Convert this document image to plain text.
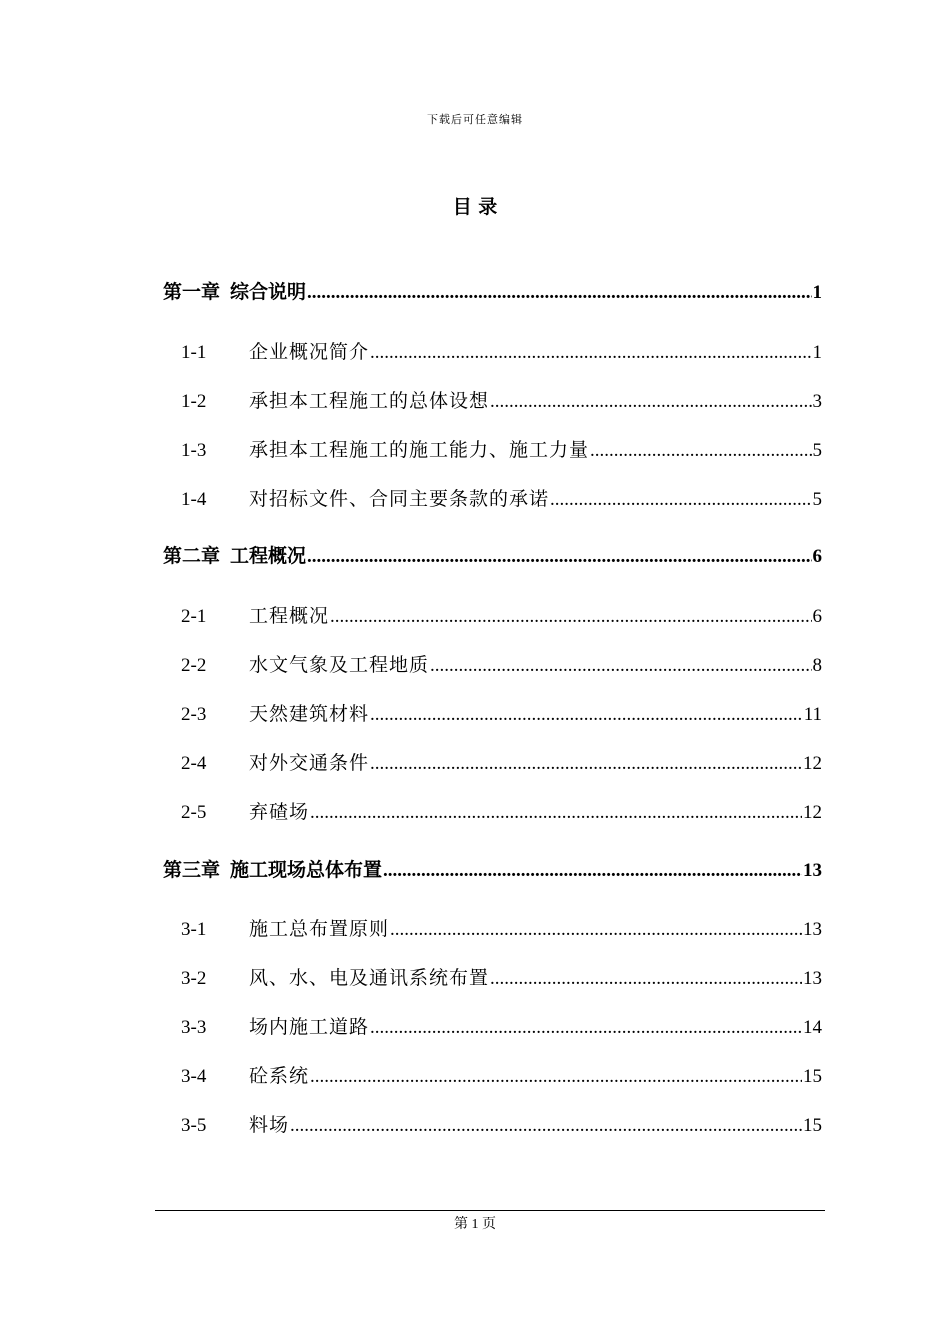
下载后可任意编辑
目 录
第一章 综合说明 .....	1
1-1	企业概况简介 .....	1
1-2	承担本工程施工的总体设想 .....	3
1-3	承担本工程施工的施工能力、施工力量 .....	5
1-4	对招标文件、合同主要条款的承诺 .....	5
第二章 工程概况 .....	6
2-1	工程概况 .....	6
2-2	水文气象及工程地质 .....	8
2-3	天然建筑材料 .....	11
2-4	对外交通条件 .....	12
2-5	弃碴场 .....	12
第三章 施工现场总体布置 .....	13
3-1	施工总布置原则 .....	13
3-2	风、水、电及通讯系统布置 .....	13
3-3	场内施工道路 .....	14
3-4	砼系统 .....	15
3-5	料场 .....	15
第 1 页
